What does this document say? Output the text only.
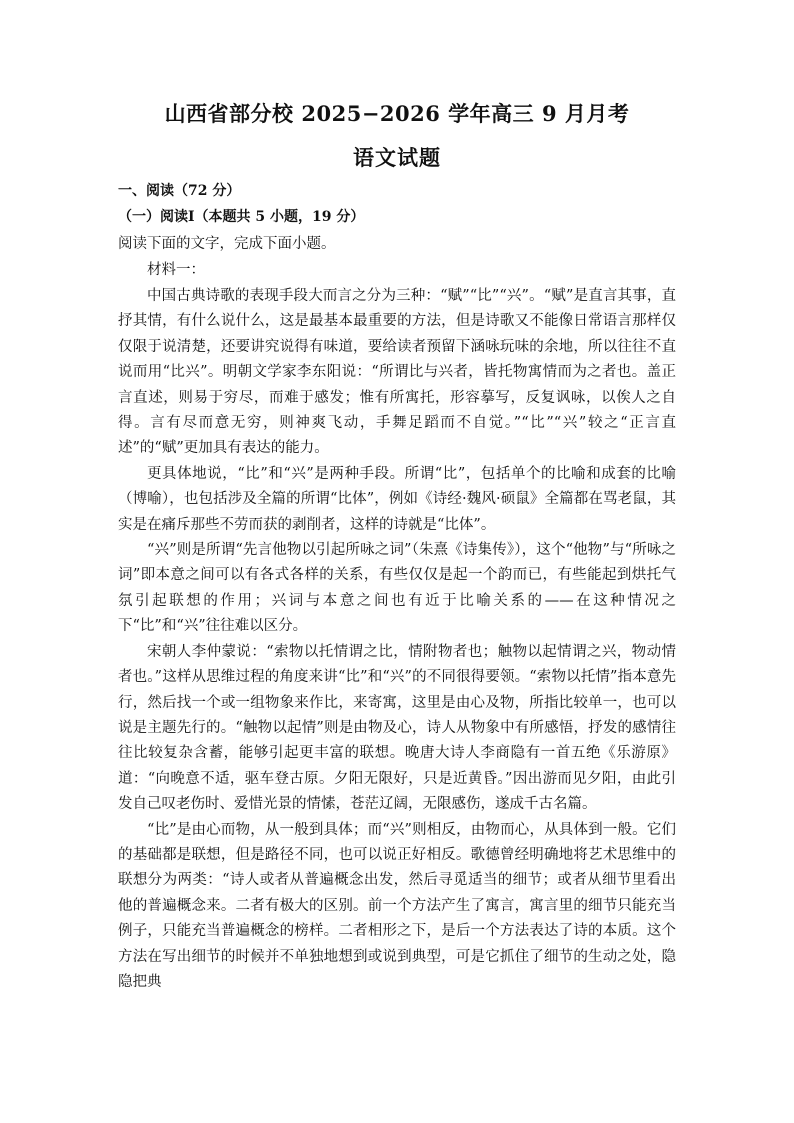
山西省部分校 2025−2026 学年高三 9 月月考
语文试题

一、阅读（72 分）

（一）阅读Ⅰ（本题共 5 小题，19 分）

阅读下面的文字，完成下面小题。

材料一：

中国古典诗歌的表现手段大而言之分为三种：“赋”“比”“兴”。“赋”是直言其事，直抒其情，有什么说什么，这是最基本最重要的方法，但是诗歌又不能像日常语言那样仅仅限于说清楚，还要讲究说得有味道，要给读者预留下涵咏玩味的余地，所以往往不直说而用“比兴”。明朝文学家李东阳说：“所谓比与兴者，皆托物寓情而为之者也。盖正言直述，则易于穷尽，而难于感发；惟有所寓托，形容摹写，反复讽咏，以俟人之自得。言有尽而意无穷，则神爽飞动，手舞足蹈而不自觉。”“比”“兴”较之“正言直述”的“赋”更加具有表达的能力。

更具体地说，“比”和“兴”是两种手段。所谓“比”，包括单个的比喻和成套的比喻（博喻），也包括涉及全篇的所谓“比体”，例如《诗经·魏风·硕鼠》全篇都在骂老鼠，其实是在痛斥那些不劳而获的剥削者，这样的诗就是“比体”。

“兴”则是所谓“先言他物以引起所咏之词”（朱熹《诗集传》），这个“他物”与“所咏之词”即本意之间可以有各式各样的关系，有些仅仅是起一个韵而已，有些能起到烘托气氛引起联想的作用；兴词与本意之间也有近于比喻关系的——在这种情况之下“比”和“兴”往往难以区分。

宋朝人李仲蒙说：“索物以托情谓之比，情附物者也；触物以起情谓之兴，物动情者也。”这样从思维过程的角度来讲“比”和“兴”的不同很得要领。“索物以托情”指本意先行，然后找一个或一组物象来作比，来寄寓，这里是由心及物，所指比较单一，也可以说是主题先行的。“触物以起情”则是由物及心，诗人从物象中有所感悟，抒发的感情往往比较复杂含蓄，能够引起更丰富的联想。晚唐大诗人李商隐有一首五绝《乐游原》道：“向晚意不适，驱车登古原。夕阳无限好，只是近黄昏。”因出游而见夕阳，由此引发自己叹老伤时、爱惜光景的情愫，苍茫辽阔，无限感伤，遂成千古名篇。

“比”是由心而物，从一般到具体；而“兴”则相反，由物而心，从具体到一般。它们的基础都是联想，但是路径不同，也可以说正好相反。歌德曾经明确地将艺术思维中的联想分为两类：“诗人或者从普遍概念出发，然后寻觅适当的细节；或者从细节里看出他的普遍概念来。二者有极大的区别。前一个方法产生了寓言，寓言里的细节只能充当例子，只能充当普遍概念的榜样。二者相形之下，是后一个方法表达了诗的本质。这个方法在写出细节的时候并不单独地想到或说到典型，可是它抓住了细节的生动之处，隐隐把典
